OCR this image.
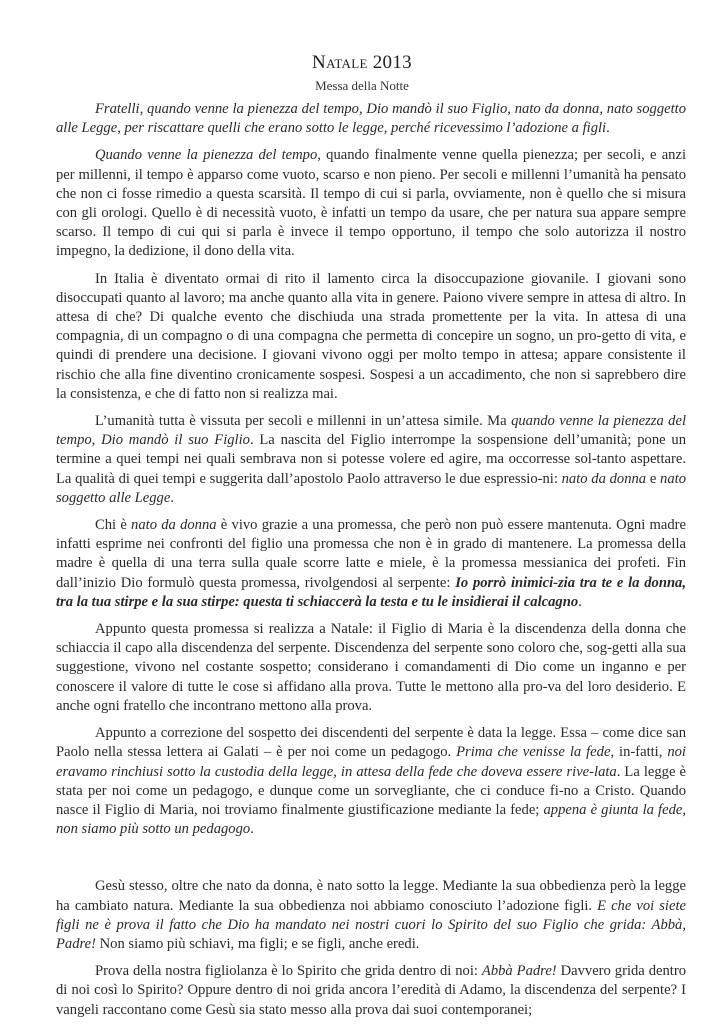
Natale 2013
Messa della Notte

Fratelli, quando venne la pienezza del tempo, Dio mandò il suo Figlio, nato da donna, nato soggetto alle Legge, per riscattare quelli che erano sotto le legge, perché ricevessimo l’adozione a figli.

Quando venne la pienezza del tempo, quando finalmente venne quella pienezza; per secoli, e anzi per millenni, il tempo è apparso come vuoto, scarso e non pieno. Per secoli e millenni l’umanità ha pensato che non ci fosse rimedio a questa scarsità. Il tempo di cui si parla, ovviamente, non è quello che si misura con gli orologi. Quello è di necessità vuoto, è infatti un tempo da usare, che per natura sua appare sempre scarso. Il tempo di cui qui si parla è invece il tempo opportuno, il tempo che solo autorizza il nostro impegno, la dedizione, il dono della vita.

In Italia è diventato ormai di rito il lamento circa la disoccupazione giovanile. I giovani sono disoccupati quanto al lavoro; ma anche quanto alla vita in genere. Paiono vivere sempre in attesa di altro. In attesa di che? Di qualche evento che dischiuda una strada promettente per la vita. In attesa di una compagnia, di un compagno o di una compagna che permetta di concepire un sogno, un pro-getto di vita, e quindi di prendere una decisione. I giovani vivono oggi per molto tempo in attesa; appare consistente il rischio che alla fine diventino cronicamente sospesi. Sospesi a un accadimento, che non si saprebbero dire la consistenza, e che di fatto non si realizza mai.

L’umanità tutta è vissuta per secoli e millenni in un’attesa simile. Ma quando venne la pienezza del tempo, Dio mandò il suo Figlio. La nascita del Figlio interrompe la sospensione dell’umanità; pone un termine a quei tempi nei quali sembrava non si potesse volere ed agire, ma occorresse sol-tanto aspettare. La qualità di quei tempi e suggerita dall’apostolo Paolo attraverso le due espressio-ni: nato da donna e nato soggetto alle Legge.

Chi è nato da donna è vivo grazie a una promessa, che però non può essere mantenuta. Ogni madre infatti esprime nei confronti del figlio una promessa che non è in grado di mantenere. La promessa della madre è quella di una terra sulla quale scorre latte e miele, è la promessa messianica dei profeti. Fin dall’inizio Dio formulò questa promessa, rivolgendosi al serpente: Io porrò inimici-zia tra te e la donna, tra la tua stirpe e la sua stirpe: questa ti schiaccerà la testa e tu le insidierai il calcagno.

Appunto questa promessa si realizza a Natale: il Figlio di Maria è la discendenza della donna che schiaccia il capo alla discendenza del serpente. Discendenza del serpente sono coloro che, sog-getti alla sua suggestione, vivono nel costante sospetto; considerano i comandamenti di Dio come un inganno e per conoscere il valore di tutte le cose si affidano alla prova. Tutte le mettono alla pro-va del loro desiderio. E anche ogni fratello che incontrano mettono alla prova.

Appunto a correzione del sospetto dei discendenti del serpente è data la legge. Essa – come dice san Paolo nella stessa lettera ai Galati – è per noi come un pedagogo. Prima che venisse la fede, in-fatti, noi eravamo rinchiusi sotto la custodia della legge, in attesa della fede che doveva essere rive-lata. La legge è stata per noi come un pedagogo, e dunque come un sorvegliante, che ci conduce fi-no a Cristo. Quando nasce il Figlio di Maria, noi troviamo finalmente giustificazione mediante la fede; appena è giunta la fede, non siamo più sotto un pedagogo.

Gesù stesso, oltre che nato da donna, è nato sotto la legge. Mediante la sua obbedienza però la legge ha cambiato natura. Mediante la sua obbedienza noi abbiamo conosciuto l’adozione figli. E che voi siete figli ne è prova il fatto che Dio ha mandato nei nostri cuori lo Spirito del suo Figlio che grida: Abbà, Padre! Non siamo più schiavi, ma figli; e se figli, anche eredi.

Prova della nostra figliolanza è lo Spirito che grida dentro di noi: Abbà Padre! Davvero grida dentro di noi così lo Spirito? Oppure dentro di noi grida ancora l’eredità di Adamo, la discendenza del serpente? I vangeli raccontano come Gesù sia stato messo alla prova dai suoi contemporanei;
